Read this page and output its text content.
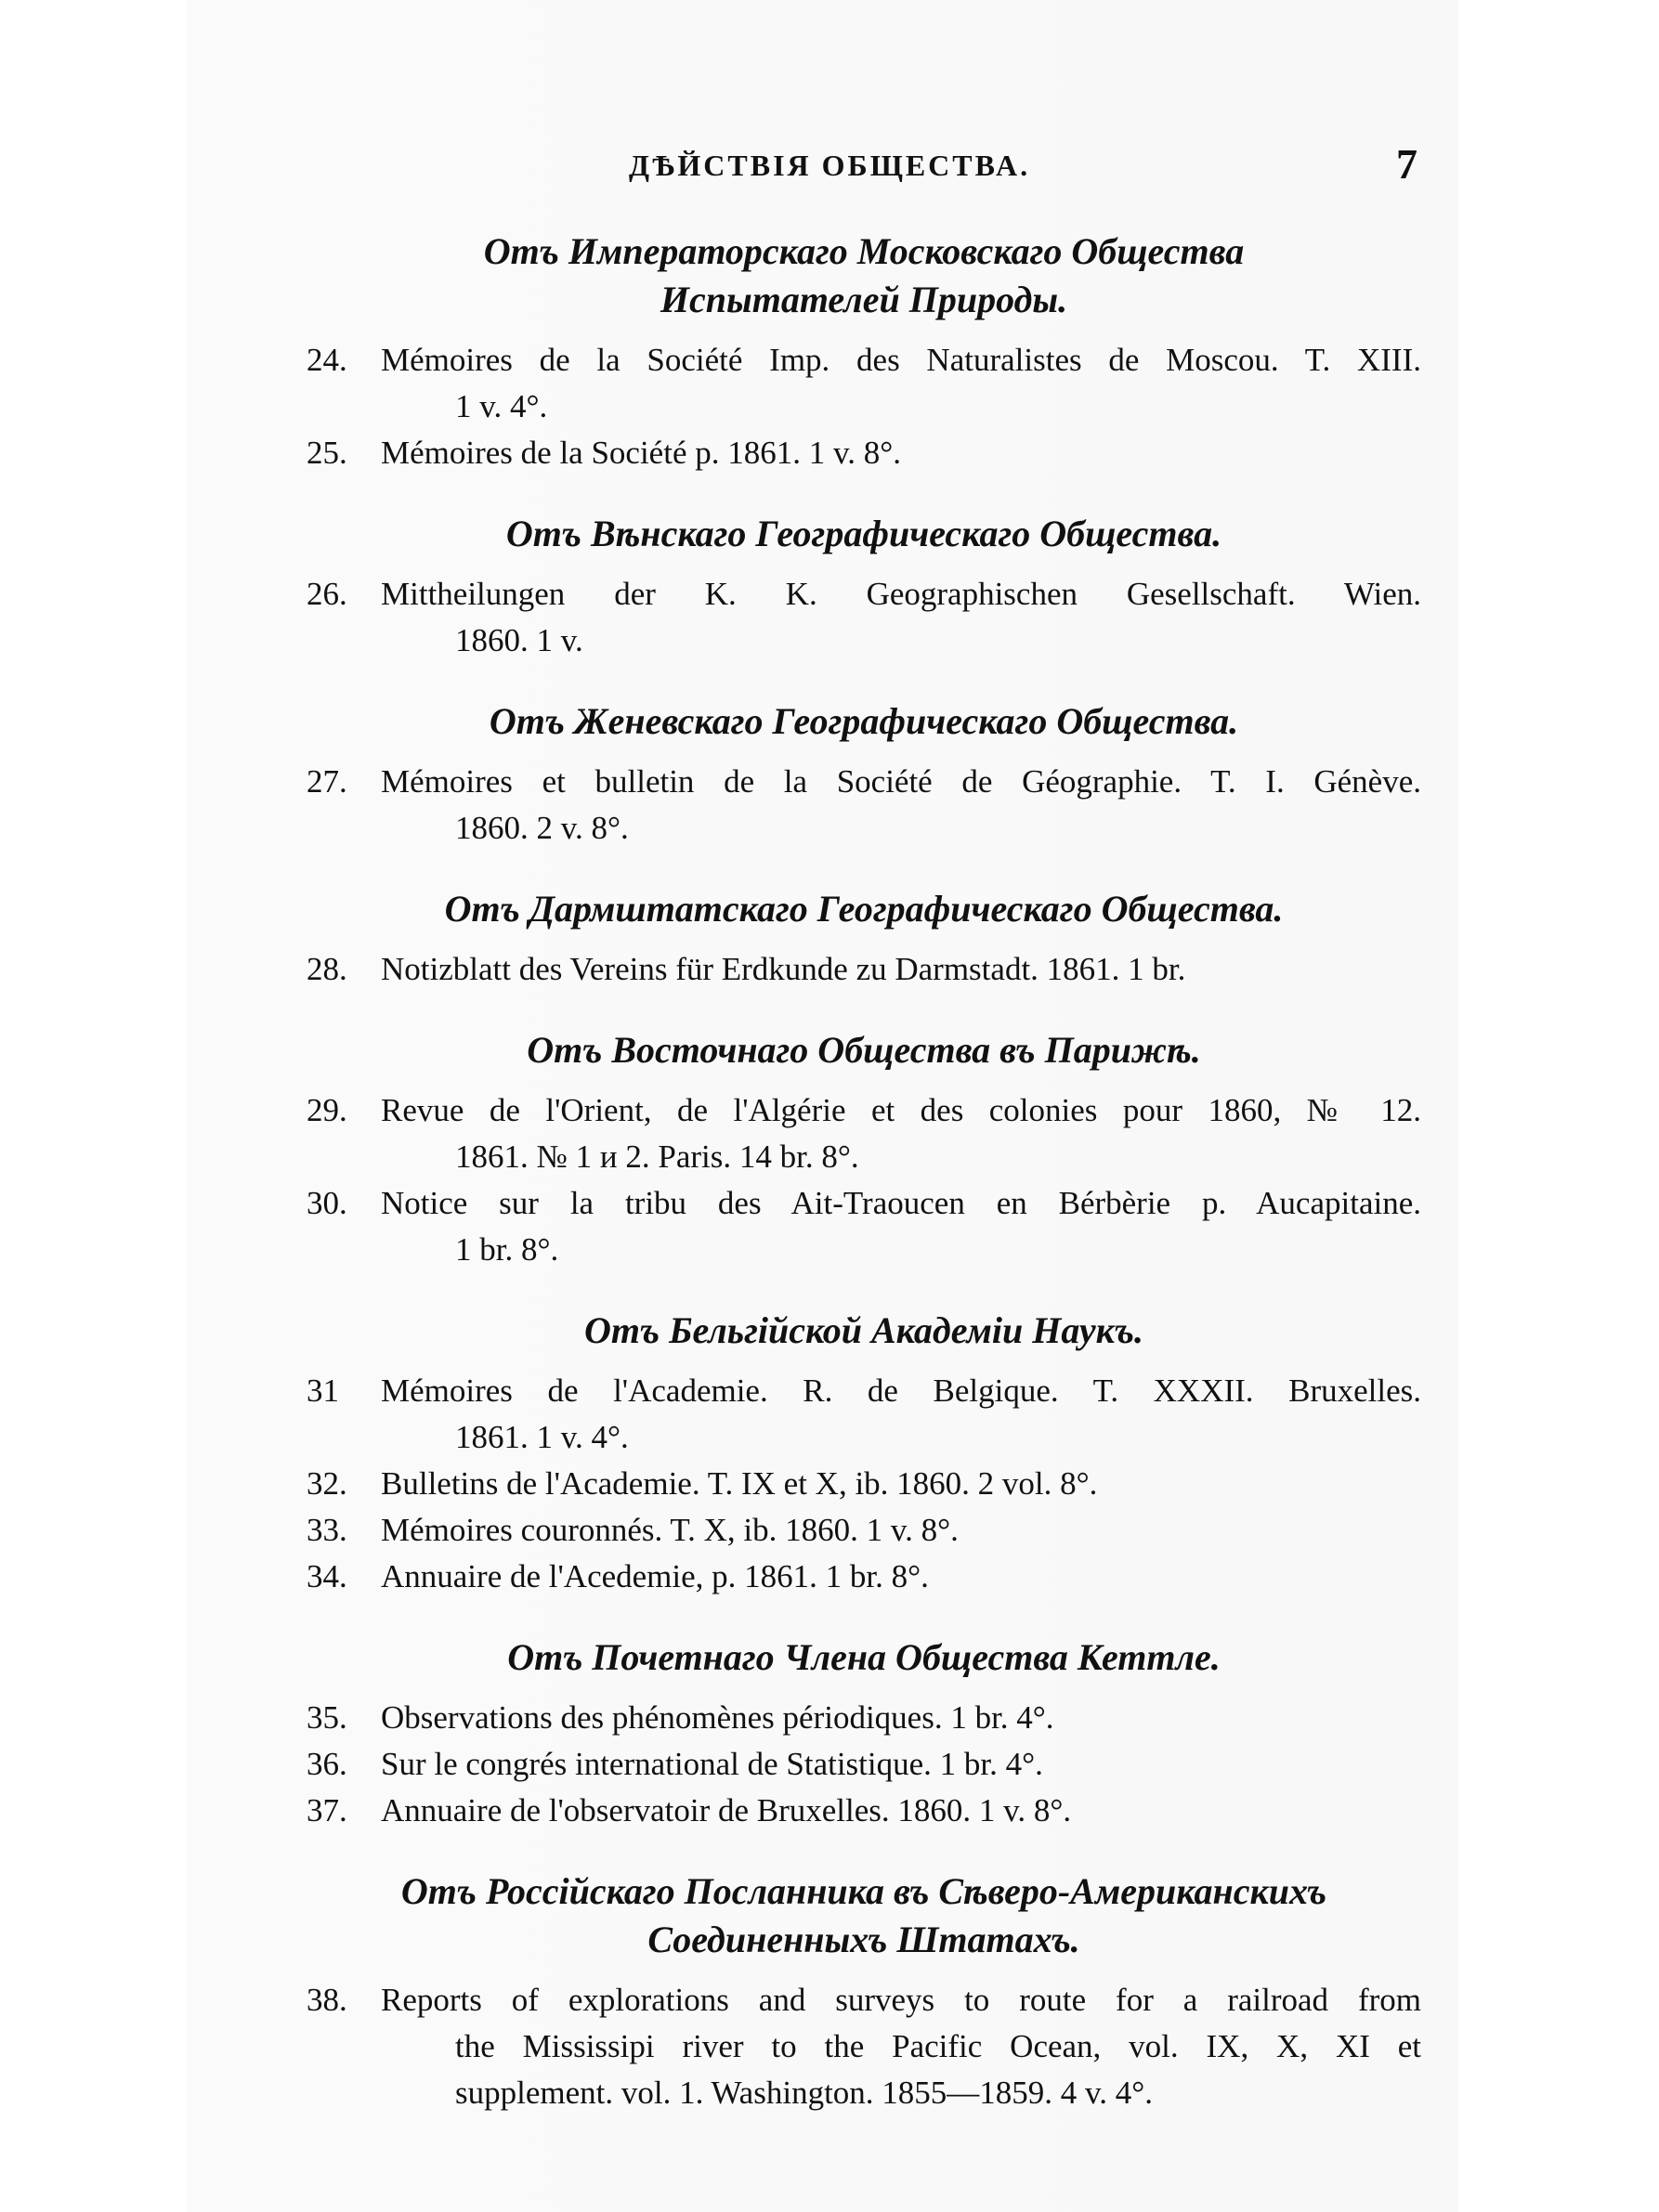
ДѢЙСТВІЯ ОБЩЕСТВА.	7
Отъ Императорскаго Московскаго Общества
Испытателей Природы.
24.	Mémoires de la Société Imp. des Naturalistes de Moscou. T. XIII.
1 v. 4°.
25.	Mémoires de la Société p. 1861. 1 v. 8°.
Отъ Вѣнскаго Географическаго Общества.
26.	Mittheilungen der K. K. Geographischen Gesellschaft. Wien.
1860. 1 v.
Отъ Женевскаго Географическаго Общества.
27.	Mémoires et bulletin de la Société de Géographie. T. I. Génève.
1860. 2 v. 8°.
Отъ Дармштатскаго Географическаго Общества.
28.	Notizblatt des Vereins für Erdkunde zu Darmstadt. 1861. 1 br.
Отъ Восточнаго Общества въ Парижѣ.
29.	Revue de l'Orient, de l'Algérie et des colonies pour 1860, № 12.
1861. № 1 и 2. Paris. 14 br. 8°.
30.	Notice sur la tribu des Ait-Traoucen en Bérbèrie p. Aucapitaine.
1 br. 8°.
Отъ Бельгійской Академіи Наукъ.
31	Mémoires de l'Academie. R. de Belgique. T. XXXII. Bruxelles.
1861. 1 v. 4°.
32.	Bulletins de l'Academie. T. IX et X, ib. 1860. 2 vol. 8°.
33.	Mémoires couronnés. T. X, ib. 1860. 1 v. 8°.
34.	Annuaire de l'Acedemie, p. 1861. 1 br. 8°.
Отъ Почетнаго Члена Общества Кеттле.
35.	Observations des phénomènes périodiques. 1 br. 4°.
36.	Sur le congrés international de Statistique. 1 br. 4°.
37.	Annuaire de l'observatoir de Bruxelles. 1860. 1 v. 8°.
Отъ Россійскаго Посланника въ Сѣверо-Американскихъ
Соединенныхъ Штатахъ.
38.	Reports of explorations and surveys to route for a railroad from
the Mississipi river to the Pacific Ocean, vol. IX, X, XI et
supplement. vol. 1. Washington. 1855—1859. 4 v. 4°.
